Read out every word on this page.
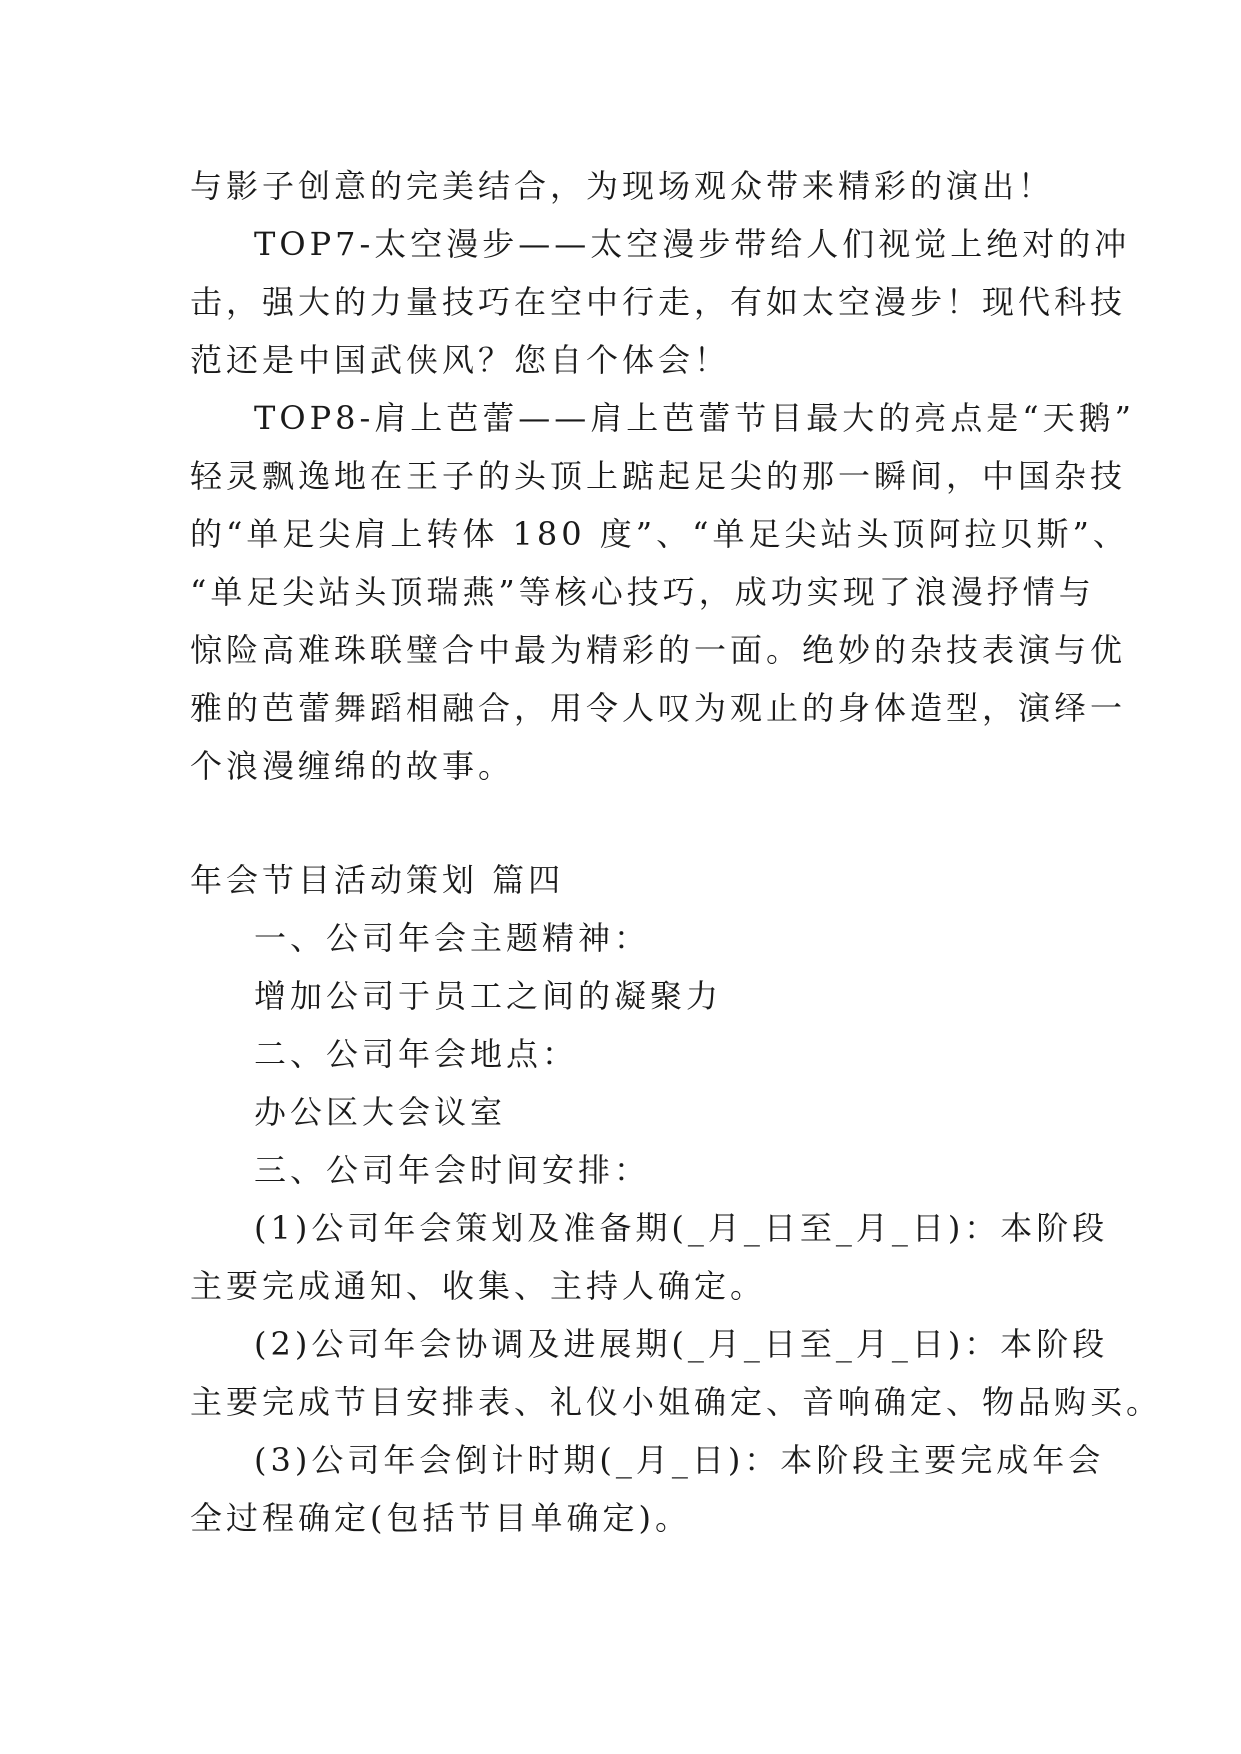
与影子创意的完美结合，为现场观众带来精彩的演出！
TOP7-太空漫步——太空漫步带给人们视觉上绝对的冲
击，强大的力量技巧在空中行走，有如太空漫步！现代科技
范还是中国武侠风？您自个体会！
TOP8-肩上芭蕾——肩上芭蕾节目最大的亮点是“天鹅”
轻灵飘逸地在王子的头顶上踮起足尖的那一瞬间，中国杂技
的“单足尖肩上转体 180 度”、“单足尖站头顶阿拉贝斯”、
“单足尖站头顶瑞燕”等核心技巧，成功实现了浪漫抒情与
惊险高难珠联璧合中最为精彩的一面。绝妙的杂技表演与优
雅的芭蕾舞蹈相融合，用令人叹为观止的身体造型，演绎一
个浪漫缠绵的故事。
年会节目活动策划 篇四
一、公司年会主题精神：
增加公司于员工之间的凝聚力
二、公司年会地点：
办公区大会议室
三、公司年会时间安排：
(1)公司年会策划及准备期(_月_日至_月_日)：本阶段
主要完成通知、收集、主持人确定。
(2)公司年会协调及进展期(_月_日至_月_日)：本阶段
主要完成节目安排表、礼仪小姐确定、音响确定、物品购买。
(3)公司年会倒计时期(_月_日)：本阶段主要完成年会
全过程确定(包括节目单确定)。
